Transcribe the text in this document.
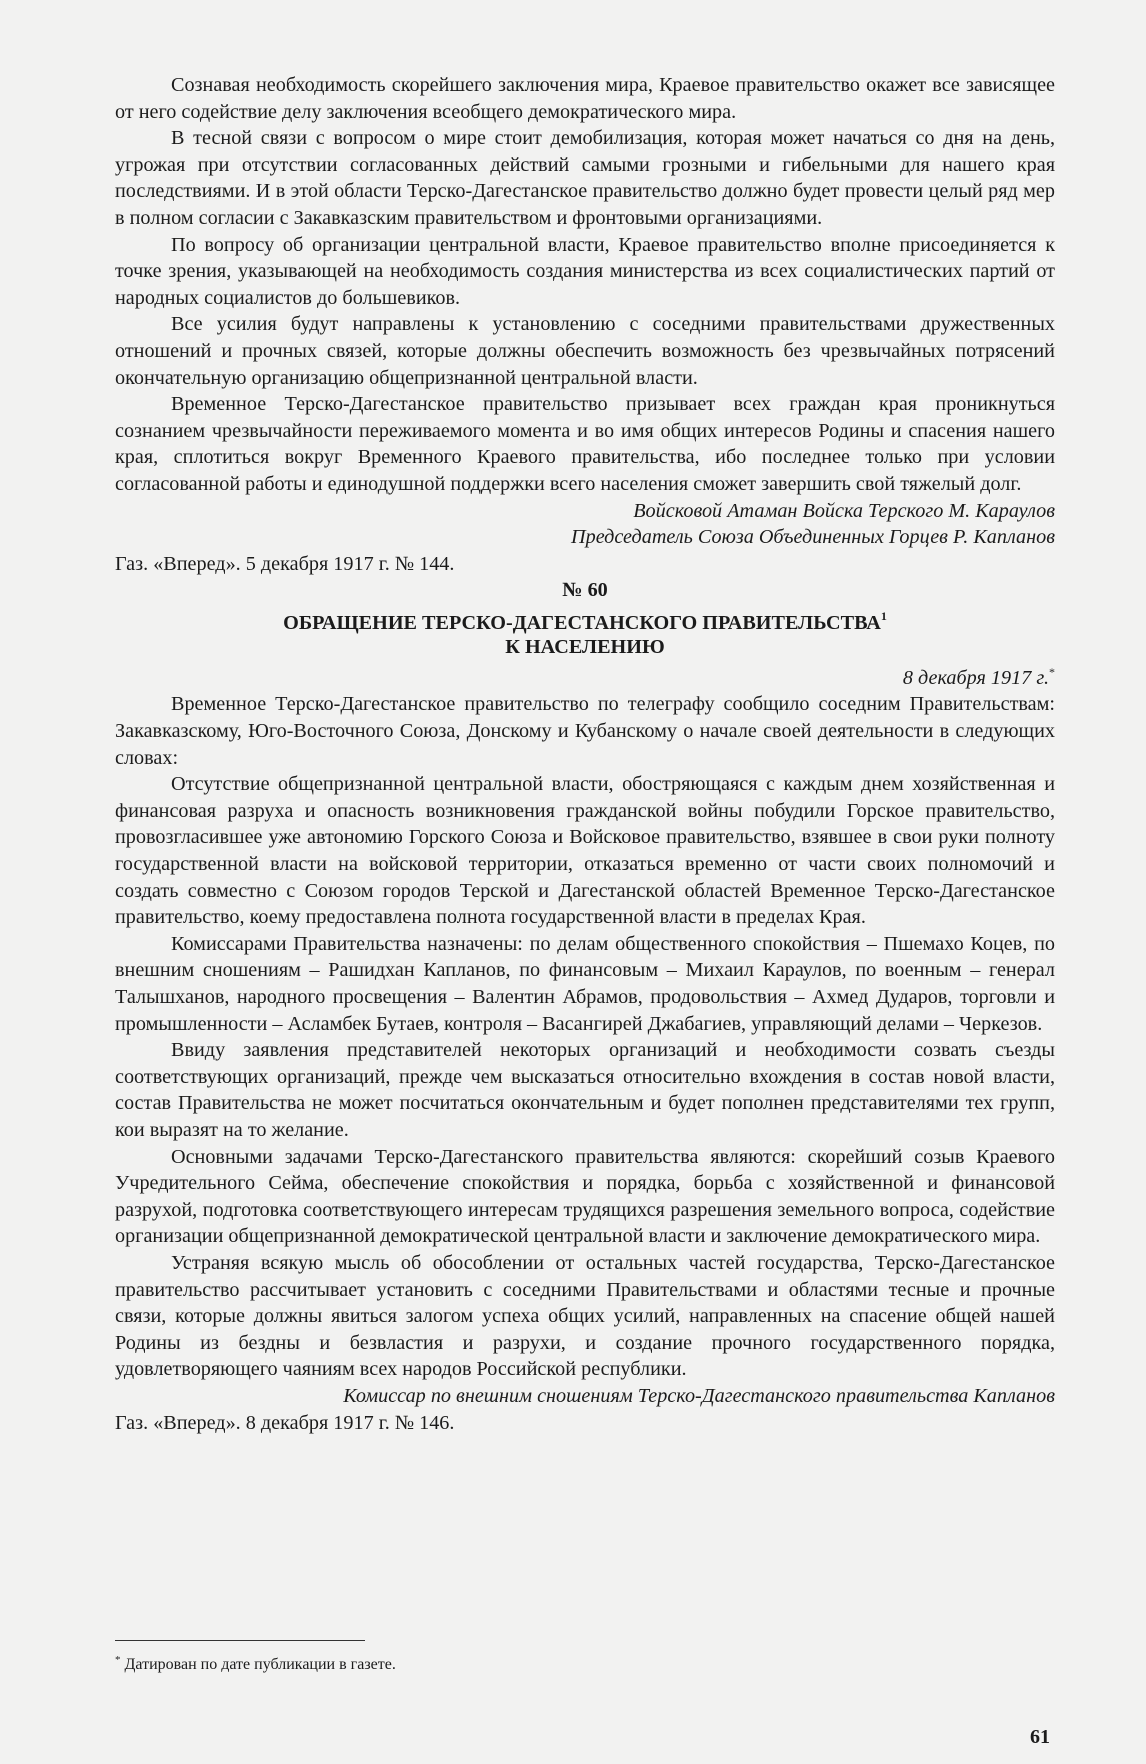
Сознавая необходимость скорейшего заключения мира, Краевое правительство окажет все зависящее от него содействие делу заключения всеобщего демократического мира.

В тесной связи с вопросом о мире стоит демобилизация, которая может начаться со дня на день, угрожая при отсутствии согласованных действий самыми грозными и гибельными для нашего края последствиями. И в этой области Терско-Дагестанское правительство должно будет провести целый ряд мер в полном согласии с Закавказским правительством и фронтовыми организациями.

По вопросу об организации центральной власти, Краевое правительство вполне присоединяется к точке зрения, указывающей на необходимость создания министерства из всех социалистических партий от народных социалистов до большевиков.

Все усилия будут направлены к установлению с соседними правительствами дружественных отношений и прочных связей, которые должны обеспечить возможность без чрезвычайных потрясений окончательную организацию общепризнанной центральной власти.

Временное Терско-Дагестанское правительство призывает всех граждан края проникнуться сознанием чрезвычайности переживаемого момента и во имя общих интересов Родины и спасения нашего края, сплотиться вокруг Временного Краевого правительства, ибо последнее только при условии согласованной работы и единодушной поддержки всего населения сможет завершить свой тяжелый долг.

Войсковой Атаман Войска Терского М. Караулов

Председатель Союза Объединенных Горцев Р. Капланов

Газ. «Вперед». 5 декабря 1917 г. № 144.

№ 60

ОБРАЩЕНИЕ ТЕРСКО-ДАГЕСТАНСКОГО ПРАВИТЕЛЬСТВА$^1$

К НАСЕЛЕНИЮ

8 декабря 1917 г.*

Временное Терско-Дагестанское правительство по телеграфу сообщило соседним Правительствам: Закавказскому, Юго-Восточного Союза, Донскому и Кубанскому о начале своей деятельности в следующих словах:

Отсутствие общепризнанной центральной власти, обостряющаяся с каждым днем хозяйственная и финансовая разруха и опасность возникновения гражданской войны побудили Горское правительство, провозгласившее уже автономию Горского Союза и Войсковое правительство, взявшее в свои руки полноту государственной власти на войсковой территории, отказаться временно от части своих полномочий и создать совместно с Союзом городов Терской и Дагестанской областей Временное Терско-Дагестанское правительство, коему предоставлена полнота государственной власти в пределах Края.

Комиссарами Правительства назначены: по делам общественного спокойствия – Пшемахо Коцев, по внешним сношениям – Рашидхан Капланов, по финансовым – Михаил Караулов, по военным – генерал Талышханов, народного просвещения – Валентин Абрамов, продовольствия – Ахмед Дударов, торговли и промышленности – Асламбек Бутаев, контроля – Васангирей Джабагиев, управляющий делами – Черкезов.

Ввиду заявления представителей некоторых организаций и необходимости созвать съезды соответствующих организаций, прежде чем высказаться относительно вхождения в состав новой власти, состав Правительства не может посчитаться окончательным и будет пополнен представителями тех групп, кои выразят на то желание.

Основными задачами Терско-Дагестанского правительства являются: скорейший созыв Краевого Учредительного Сейма, обеспечение спокойствия и порядка, борьба с хозяйственной и финансовой разрухой, подготовка соответствующего интересам трудящихся разрешения земельного вопроса, содействие организации общепризнанной демократической центральной власти и заключение демократического мира.

Устраняя всякую мысль об обособлении от остальных частей государства, Терско-Дагестанское правительство рассчитывает установить с соседними Правительствами и областями тесные и прочные связи, которые должны явиться залогом успеха общих усилий, направленных на спасение общей нашей Родины из бездны и безвластия и разрухи, и создание прочного государственного порядка, удовлетворяющего чаяниям всех народов Российской республики.

Комиссар по внешним сношениям Терско-Дагестанского правительства Капланов

Газ. «Вперед». 8 декабря 1917 г. № 146.

* Датирован по дате публикации в газете.
61
